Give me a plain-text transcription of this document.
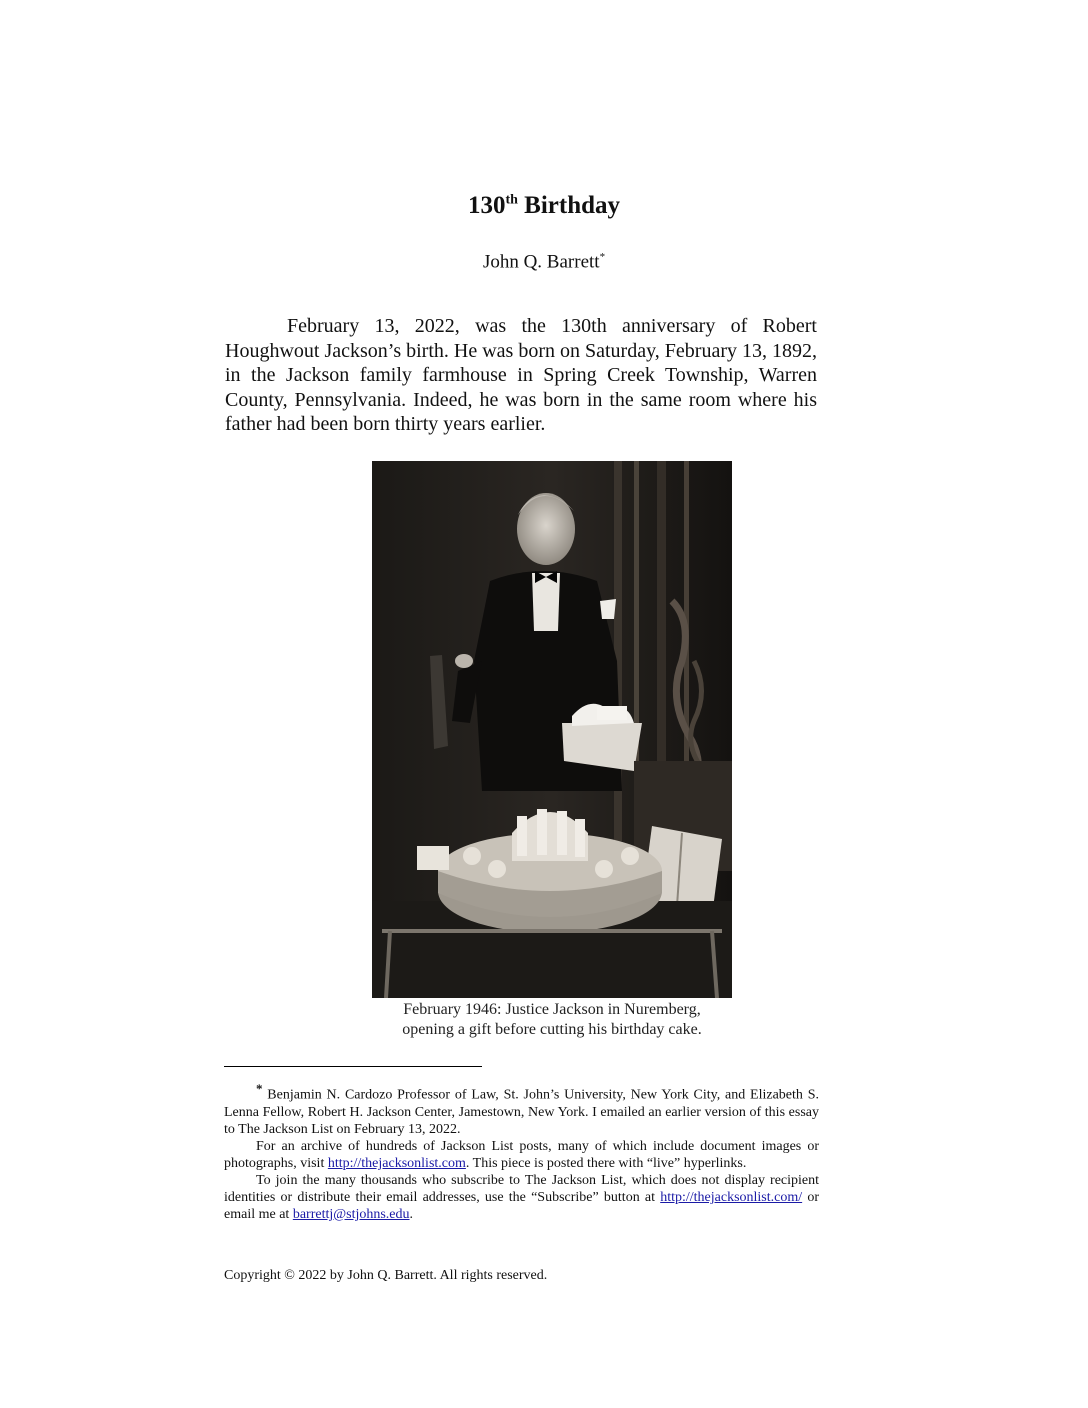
130th Birthday
John Q. Barrett*

February 13, 2022, was the 130th anniversary of Robert Houghwout Jackson’s birth. He was born on Saturday, February 13, 1892, in the Jackson family farmhouse in Spring Creek Township, Warren County, Pennsylvania. Indeed, he was born in the same room where his father had been born thirty years earlier.

February 1946: Justice Jackson in Nuremberg,
opening a gift before cutting his birthday cake.

* Benjamin N. Cardozo Professor of Law, St. John’s University, New York City, and Elizabeth S. Lenna Fellow, Robert H. Jackson Center, Jamestown, New York. I emailed an earlier version of this essay to The Jackson List on February 13, 2022.

For an archive of hundreds of Jackson List posts, many of which include document images or photographs, visit http://thejacksonlist.com. This piece is posted there with “live” hyperlinks.

To join the many thousands who subscribe to The Jackson List, which does not display recipient identities or distribute their email addresses, use the “Subscribe” button at http://thejacksonlist.com/ or email me at barrettj@stjohns.edu.

Copyright © 2022 by John Q. Barrett. All rights reserved.
